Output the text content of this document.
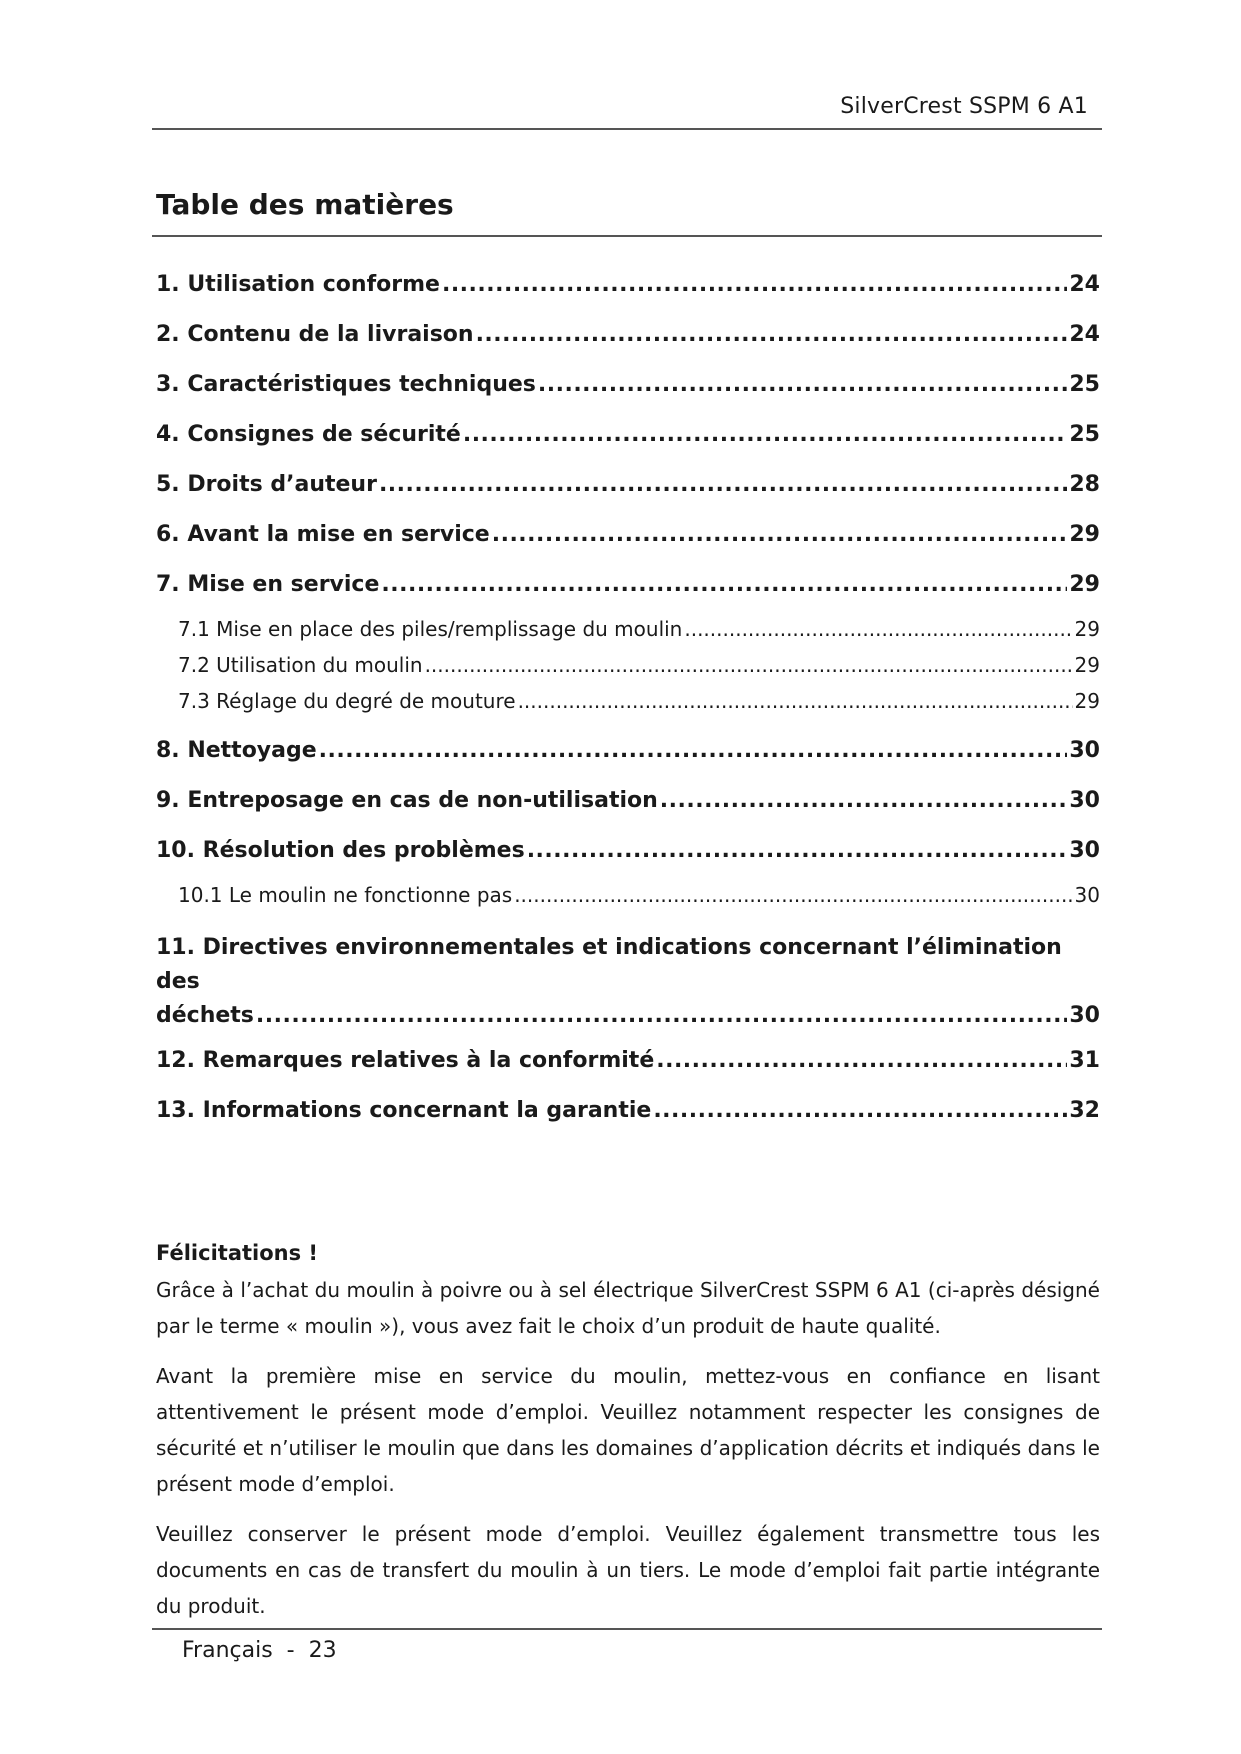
SilverCrest SSPM 6 A1
Table des matières
1. Utilisation conforme .....	24
2. Contenu de la livraison .....	24
3. Caractéristiques techniques .....	25
4. Consignes de sécurité .....	25
5. Droits d’auteur .....	28
6. Avant la mise en service .....	29
7. Mise en service .....	29
7.1 Mise en place des piles/remplissage du moulin .....	29
7.2 Utilisation du moulin .....	29
7.3 Réglage du degré de mouture .....	29
8. Nettoyage .....	30
9. Entreposage en cas de non-utilisation .....	30
10. Résolution des problèmes .....	30
10.1 Le moulin ne fonctionne pas .....	30
11. Directives environnementales et indications concernant l’élimination des
déchets .....	30
12. Remarques relatives à la conformité .....	31
13. Informations concernant la garantie .....	32
Félicitations !

Grâce à l’achat du moulin à poivre ou à sel électrique SilverCrest SSPM 6 A1 (ci-après désigné par le terme « moulin »), vous avez fait le choix d’un produit de haute qualité.

Avant la première mise en service du moulin, mettez-vous en confiance en lisant attentivement le présent mode d’emploi. Veuillez notamment respecter les consignes de sécurité et n’utiliser le moulin que dans les domaines d’application décrits et indiqués dans le présent mode d’emploi.

Veuillez conserver le présent mode d’emploi. Veuillez également transmettre tous les documents en cas de transfert du moulin à un tiers. Le mode d’emploi fait partie intégrante du produit.

Français  -  23
